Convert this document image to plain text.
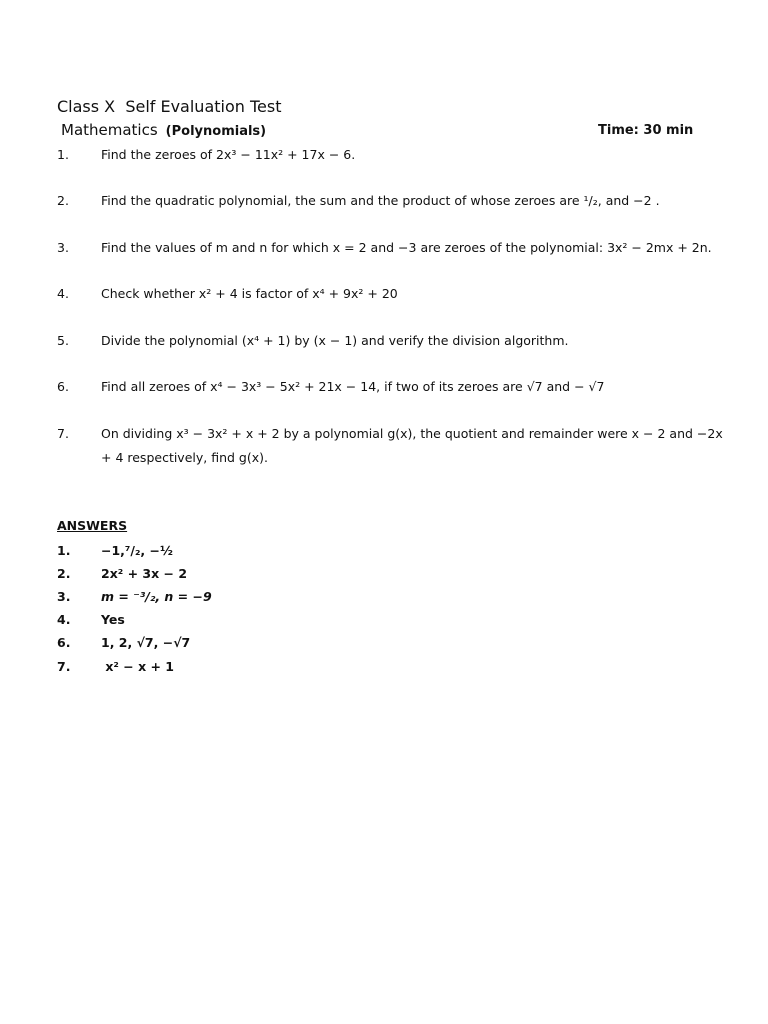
Class X  Self Evaluation Test
Mathematics (Polynomials)	Time: 30 min
1.	Find the zeroes of 2x³ − 11x² + 17x − 6.
2.	Find the quadratic polynomial, the sum and the product of whose zeroes are ¹/₂, and −2 .
3.	Find the values of m and n for which x = 2 and −3 are zeroes of the polynomial: 3x² − 2mx + 2n.
4.	Check whether x² + 4 is factor of x⁴ + 9x² + 20
5.	Divide the polynomial (x⁴ + 1) by (x − 1) and verify the division algorithm.
6.	Find all zeroes of x⁴ − 3x³ − 5x² + 21x − 14, if two of its zeroes are √7 and − √7
7.	On dividing x³ − 3x² + x + 2 by a polynomial g(x), the quotient and remainder were x − 2 and −2x + 4 respectively, find g(x).
ANSWERS
1. −1,⁷/₂, −½
2. 2x² + 3x − 2
3. m = ⁻³/₂, n = −9
4. Yes
6. 1, 2, √7, −√7
7. x² − x + 1
